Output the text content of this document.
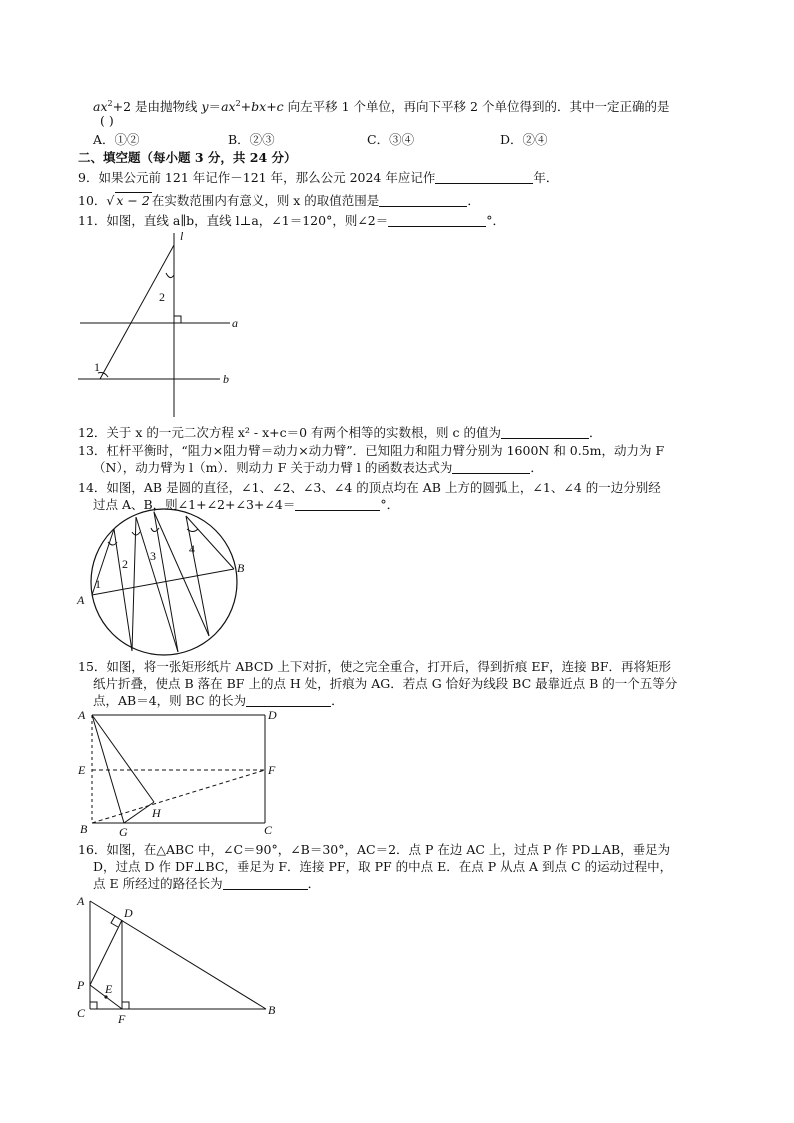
$ax^2+2$ 是由抛物线 $y=ax^2+bx+c$ 向左平移 1 个单位，再向下平移 2 个单位得到的．其中一定正确的是
( )
A．①②	B．②③	C．③④	D．②④
二、填空题（每小题 3 分，共 24 分）
9．如果公元前 121 年记作－121 年，那么公元 2024 年应记作	年．
10．√ x − 2 在实数范围内有意义，则 x 的取值范围是	．
11．如图，直线 a∥b，直线 l⊥a，∠1＝120°，则∠2＝	°．
l
a
b
1
2
12．关于 x 的一元二次方程 x² - x+c＝0 有两个相等的实数根，则 c 的值为	．
13．杠杆平衡时，“阻力×阻力臂＝动力×动力臂”．已知阻力和阻力臂分别为 1600N 和 0.5m，动力为 F
（N），动力臂为 l（m）．则动力 F 关于动力臂 l 的函数表达式为	．
14．如图，AB 是圆的直径，∠1、∠2、∠3、∠4 的顶点均在 AB 上方的圆弧上，∠1、∠4 的一边分别经
过点 A、B，则∠1+∠2+∠3+∠4＝	°．
1
2
3	4
A
B
15．如图，将一张矩形纸片 ABCD 上下对折，使之完全重合，打开后，得到折痕 EF，连接 BF．再将矩形
纸片折叠，使点 B 落在 BF 上的点 H 处，折痕为 AG．若点 G 恰好为线段 BC 最靠近点 B 的一个五等分
点，AB＝4，则 BC 的长为	．
A	D
E	F
B	C
G
H
16．如图，在△ABC 中，∠C＝90°，∠B＝30°，AC＝2．点 P 在边 AC 上，过点 P 作 PD⊥AB，垂足为
D，过点 D 作 DF⊥BC，垂足为 F．连接 PF，取 PF 的中点 E．在点 P 从点 A 到点 C 的运动过程中，
点 E 所经过的路径长为	．
A
D
P E
C	F
B
